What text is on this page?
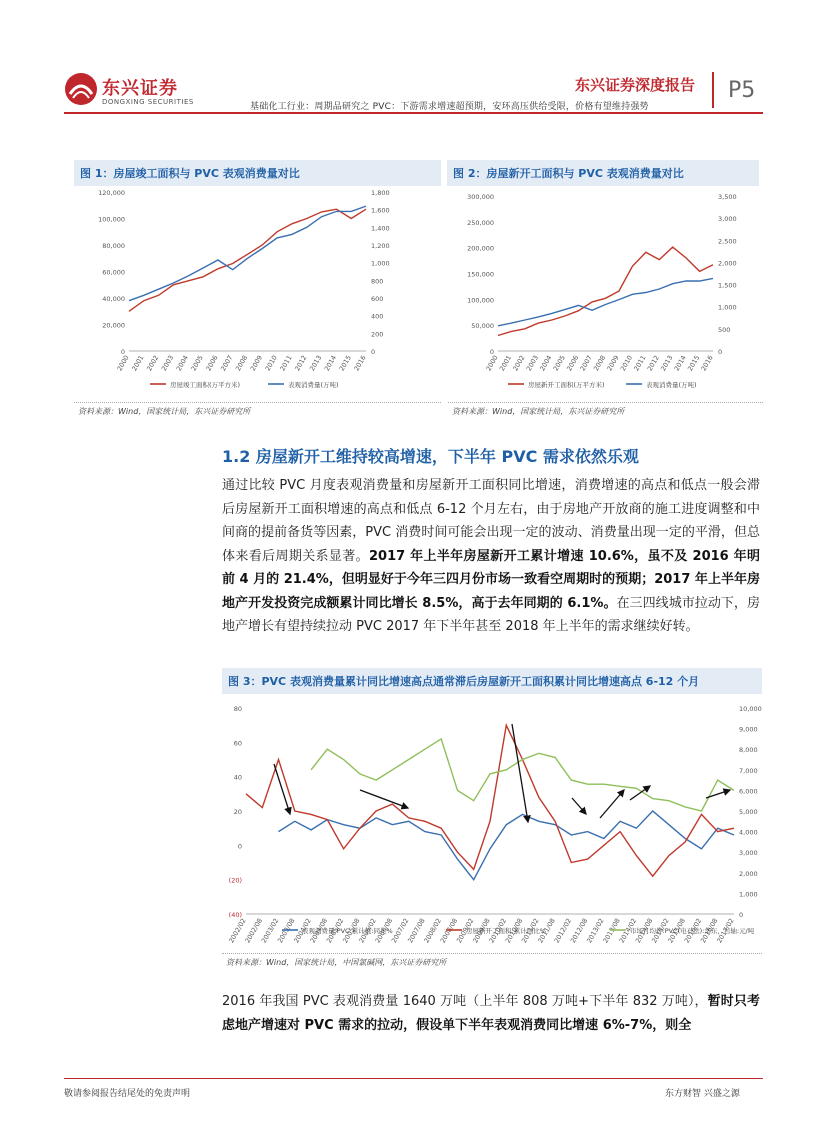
东兴证券
DONGXING SECURITIES
东兴证券深度报告 P5
基础化工行业：周期品研究之 PVC：下游需求增速超预期，安环高压供给受限，价格有望维持强势
图 1：房屋竣工面积与 PVC 表观消费量对比
0
20,000
40,000
60,000
80,000
100,000
120,000
0
200
400
600
800
1,000
1,200
1,400
1,600
1,800
2000 2001 2002 2003 2004 2005 2006 2007 2008 2009 2010 2011 2012 2013 2014 2015 2016
房屋竣工面积(万平方米)	表观消费量(万吨)
资料来源：Wind，国家统计局，东兴证券研究所
图 2：房屋新开工面积与 PVC 表观消费量对比
0
50,000
100,000
150,000
200,000
250,000
300,000
0
500
1,000
1,500
2,000
2,500
3,000
3,500
2000
2001
2002
2003
2004
2005
2006
2007
2008
2009
2010
2011
2012
2013
2014
2015
2016
房屋新开工面积(万平方米)	表观消费量(万吨)
资料来源：Wind，国家统计局，东兴证券研究所
1.2 房屋新开工维持较高增速，下半年 PVC 需求依然乐观
通过比较 PVC 月度表观消费量和房屋新开工面积同比增速，消费增速的高点和低点一般会滞后房屋新开工面积增速的高点和低点 6-12 个月左右，由于房地产开放商的施工进度调整和中间商的提前备货等因素，PVC 消费时间可能会出现一定的波动、消费量出现一定的平滑，但总体来看后周期关系显著。2017 年上半年房屋新开工累计增速 10.6%，虽不及 2016 年明前 4 月的 21.4%，但明显好于今年三四月份市场一致看空周期时的预期；2017 年上半年房地产开发投资完成额累计同比增长 8.5%，高于去年同期的 6.1%。在三四线城市拉动下，房地产增长有望持续拉动 PVC 2017 年下半年甚至 2018 年上半年的需求继续好转。
图 3：PVC 表观消费量累计同比增速高点通常滞后房屋新开工面积累计同比增速高点 6-12 个月
(40)
(20)
0
20
40
60
80
0
1,000
2,000
3,000
4,000
5,000
6,000
7,000
8,000
9,000
10,000
2002/02
2002/08
2003/02
2003/08
2004/02
2004/08
2005/02
2005/08
2006/02
2006/08
2007/02
2007/08
2008/02
2008/08
2009/02
2009/08
2010/02
2010/08
2011/02
2011/08
2012/02
2012/08
2013/02
2013/08
2014/02
2014/08
2015/02
2015/08
2016/02
2016/08
2017/02
表观消费量:PVC:累计值:同比%	房屋新开工面积:累计同比%	市场月均价:PVC(电石法):华东，右轴:元/吨
资料来源：Wind，国家统计局，中国氯碱网，东兴证券研究所
2016 年我国 PVC 表观消费量 1640 万吨（上半年 808 万吨+下半年 832 万吨），暂时只考虑地产增速对 PVC 需求的拉动，假设单下半年表观消费同比增速 6%-7%，则全
敬请参阅报告结尾处的免责声明	东方财智 兴盛之源
